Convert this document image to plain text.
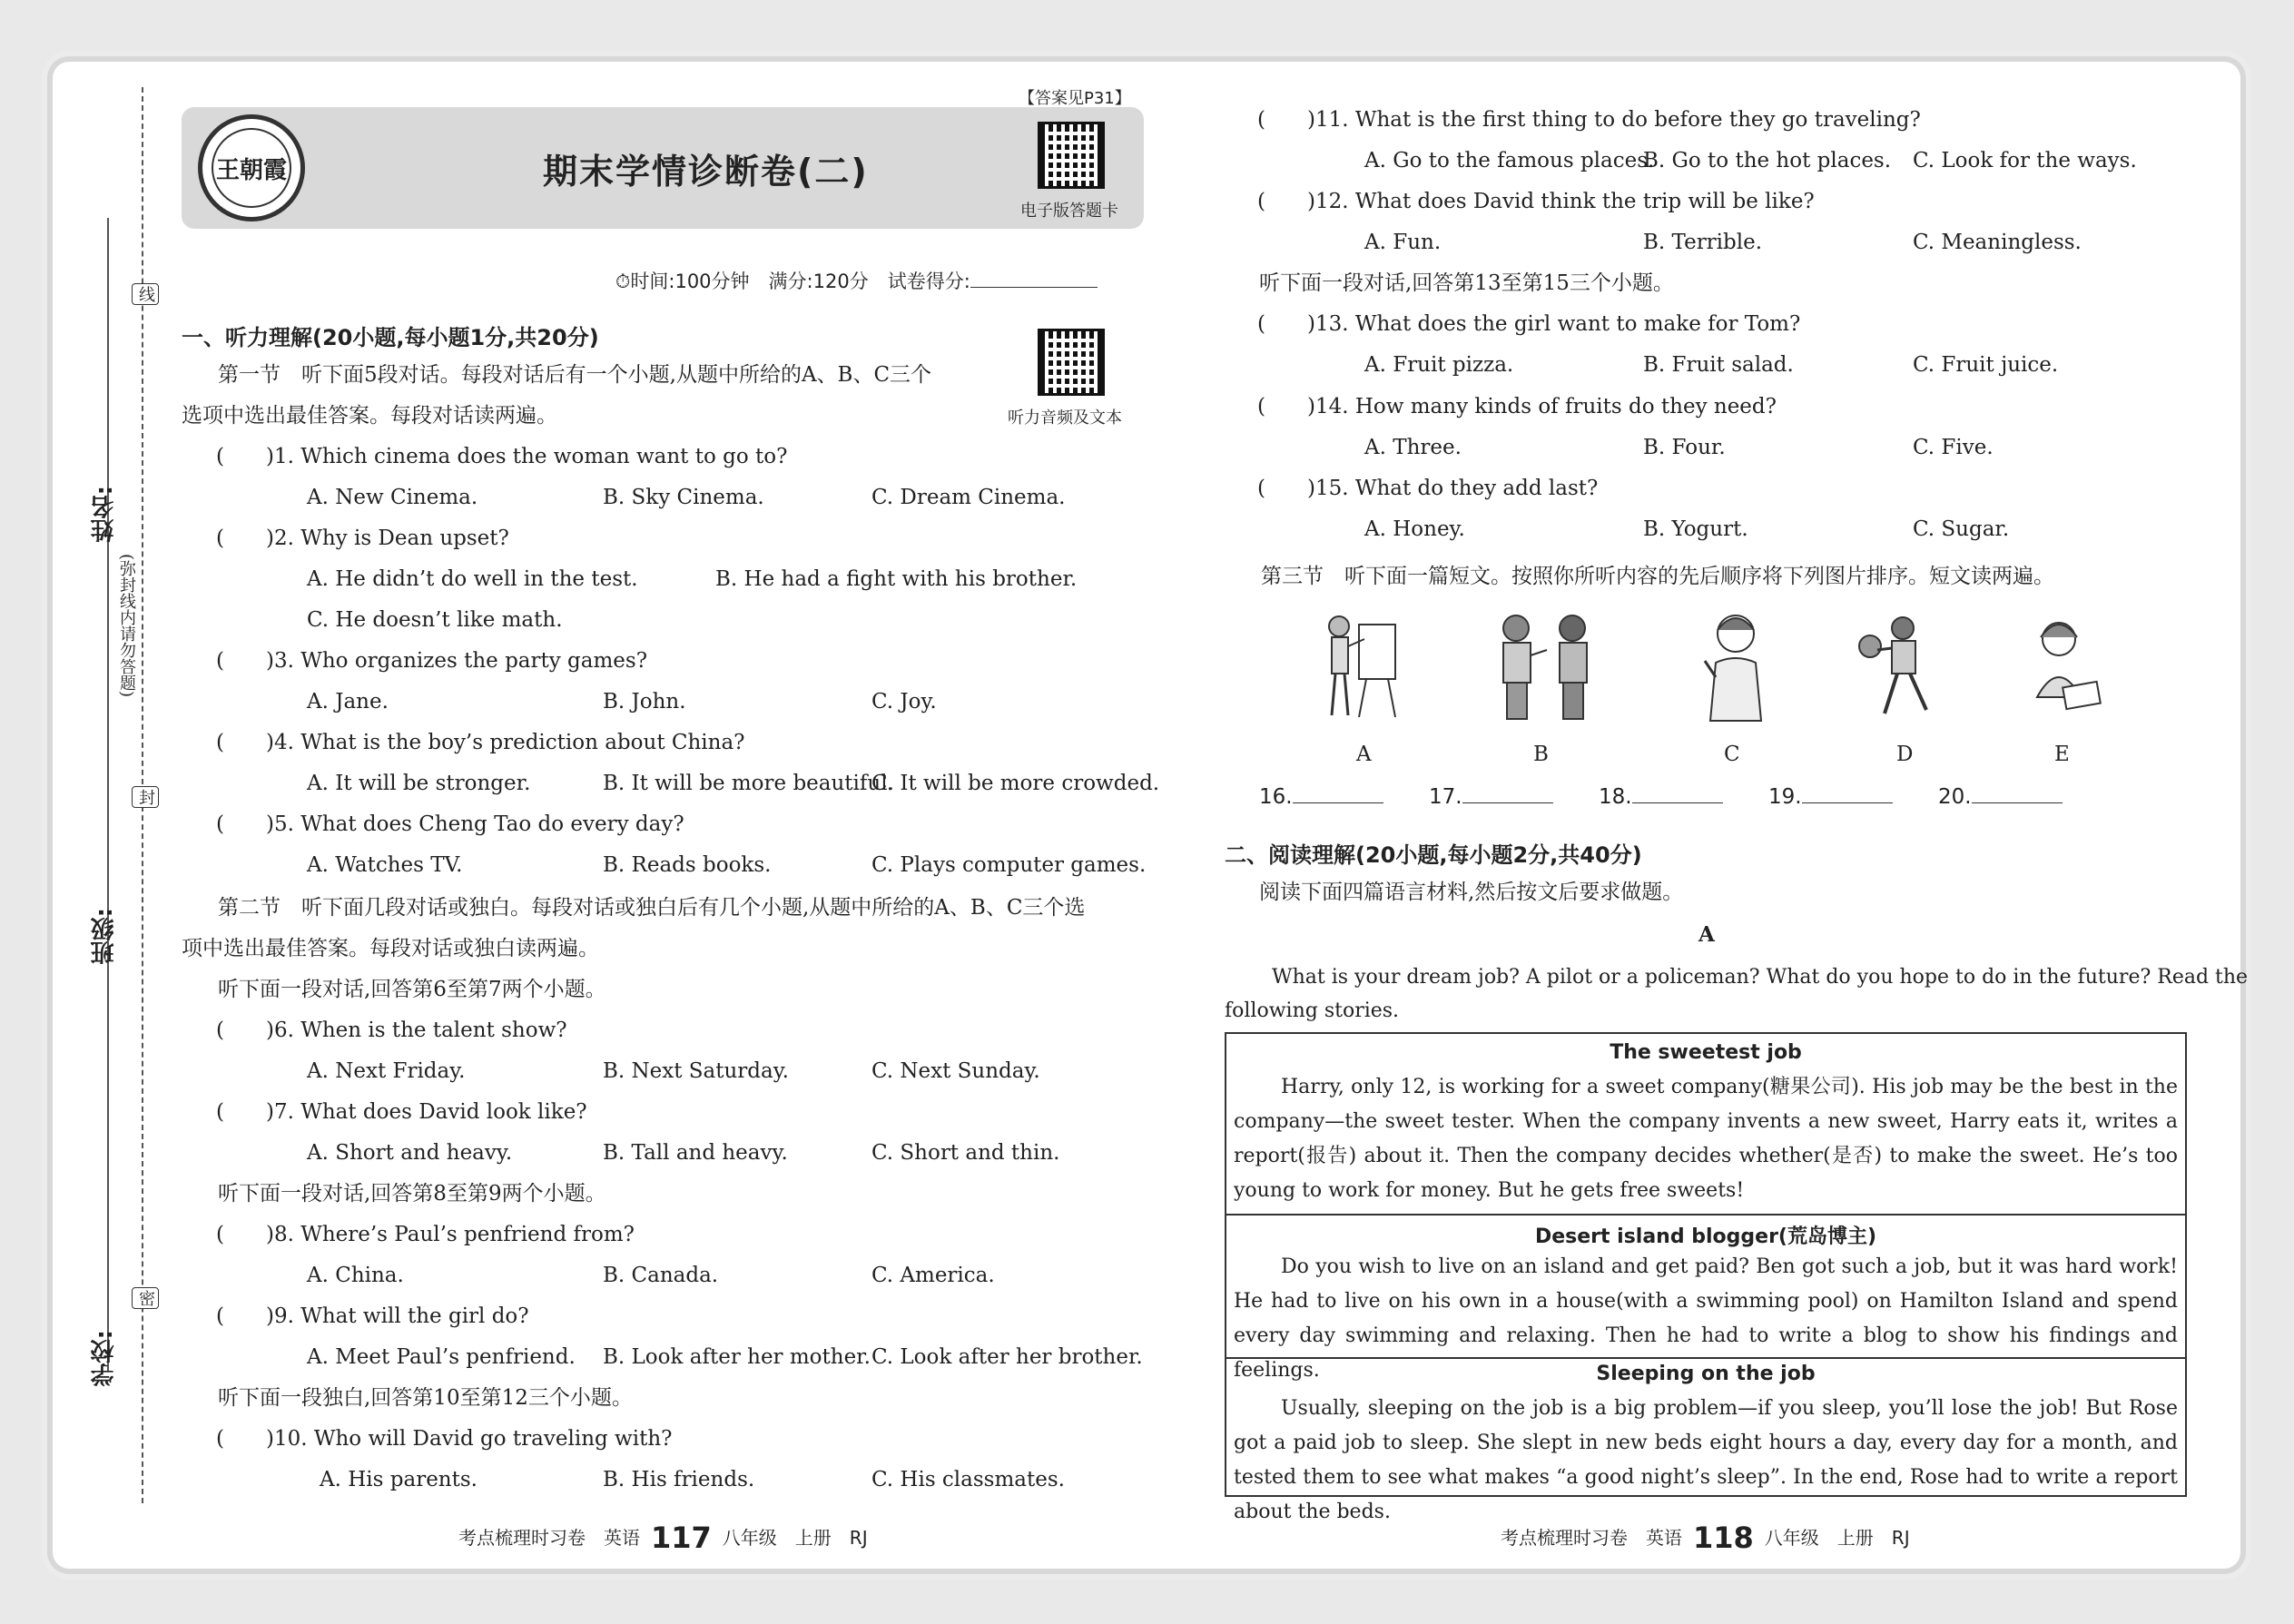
线
封
密
(弥封线内请勿答题)
姓名:
班级:
学校:
期末学情诊断卷(二)
王朝霞
【答案见P31】
电子版答题卡
⏱时间:100分钟　满分:120分　试卷得分:
一、听力理解(20小题,每小题1分,共20分)
听力音频及文本
第一节　听下面5段对话。每段对话后有一个小题,从题中所给的A、B、C三个
选项中选出最佳答案。每段对话读两遍。
(　　)1. Which cinema does the woman want to go to?
A. New Cinema.	B. Sky Cinema.	C. Dream Cinema.
(　　)2. Why is Dean upset?
A. He didn’t do well in the test.	B. He had a fight with his brother.
C. He doesn’t like math.
(　　)3. Who organizes the party games?
A. Jane.	B. John.	C. Joy.
(　　)4. What is the boy’s prediction about China?
A. It will be stronger.	B. It will be more beautiful.
C. It will be more crowded.
(　　)5. What does Cheng Tao do every day?
A. Watches TV.	B. Reads books.	C. Plays computer games.
第二节　听下面几段对话或独白。每段对话或独白后有几个小题,从题中所给的A、B、C三个选
项中选出最佳答案。每段对话或独白读两遍。
听下面一段对话,回答第6至第7两个小题。
(　　)6. When is the talent show?
A. Next Friday.	B. Next Saturday.	C. Next Sunday.
(　　)7. What does David look like?
A. Short and heavy.	B. Tall and heavy.	C. Short and thin.
听下面一段对话,回答第8至第9两个小题。
(　　)8. Where’s Paul’s penfriend from?
A. China.	B. Canada.	C. America.
(　　)9. What will the girl do?
A. Meet Paul’s penfriend. B. Look after her mother. C. Look after her brother.
听下面一段独白,回答第10至第12三个小题。
(　　)10. Who will David go traveling with?
A. His parents.	B. His friends.	C. His classmates.
考点梳理时习卷　英语 117 八年级　上册　RJ
(　　)11. What is the first thing to do before they go traveling?
A. Go to the famous places.
B. Go to the hot places. C. Look for the ways.
(　　)12. What does David think the trip will be like?
A. Fun.	B. Terrible.	C. Meaningless.
听下面一段对话,回答第13至第15三个小题。
(　　)13. What does the girl want to make for Tom?
A. Fruit pizza.	B. Fruit salad.	C. Fruit juice.
(　　)14. How many kinds of fruits do they need?
A. Three.	B. Four.	C. Five.
(　　)15. What do they add last?
A. Honey.	B. Yogurt.	C. Sugar.
第三节　听下面一篇短文。按照你所听内容的先后顺序将下列图片排序。短文读两遍。
A	B	C	D	E
16.	17.	18.	19.	20.
二、阅读理解(20小题,每小题2分,共40分)
阅读下面四篇语言材料,然后按文后要求做题。
A
What is your dream job? A pilot or a policeman? What do you hope to do in the future? Read the
following stories.
The sweetest job
Harry, only 12, is working for a sweet company(糖果公司). His job may be the best in the company—the sweet tester. When the company invents a new sweet, Harry eats it, writes a report(报告) about it. Then the company decides whether(是否) to make the sweet. He’s too young to work for money. But he gets free sweets!
Desert island blogger(荒岛博主)
Do you wish to live on an island and get paid? Ben got such a job, but it was hard work! He had to live on his own in a house(with a swimming pool) on Hamilton Island and spend every day swimming and relaxing. Then he had to write a blog to show his findings and feelings.	Sleeping on the job
Usually, sleeping on the job is a big problem—if you sleep, you’ll lose the job! But Rose got a paid job to sleep. She slept in new beds eight hours a day, every day for a month, and tested them to see what makes “a good night’s sleep”. In the end, Rose had to write a report about the beds.
考点梳理时习卷　英语 118 八年级　上册　RJ
